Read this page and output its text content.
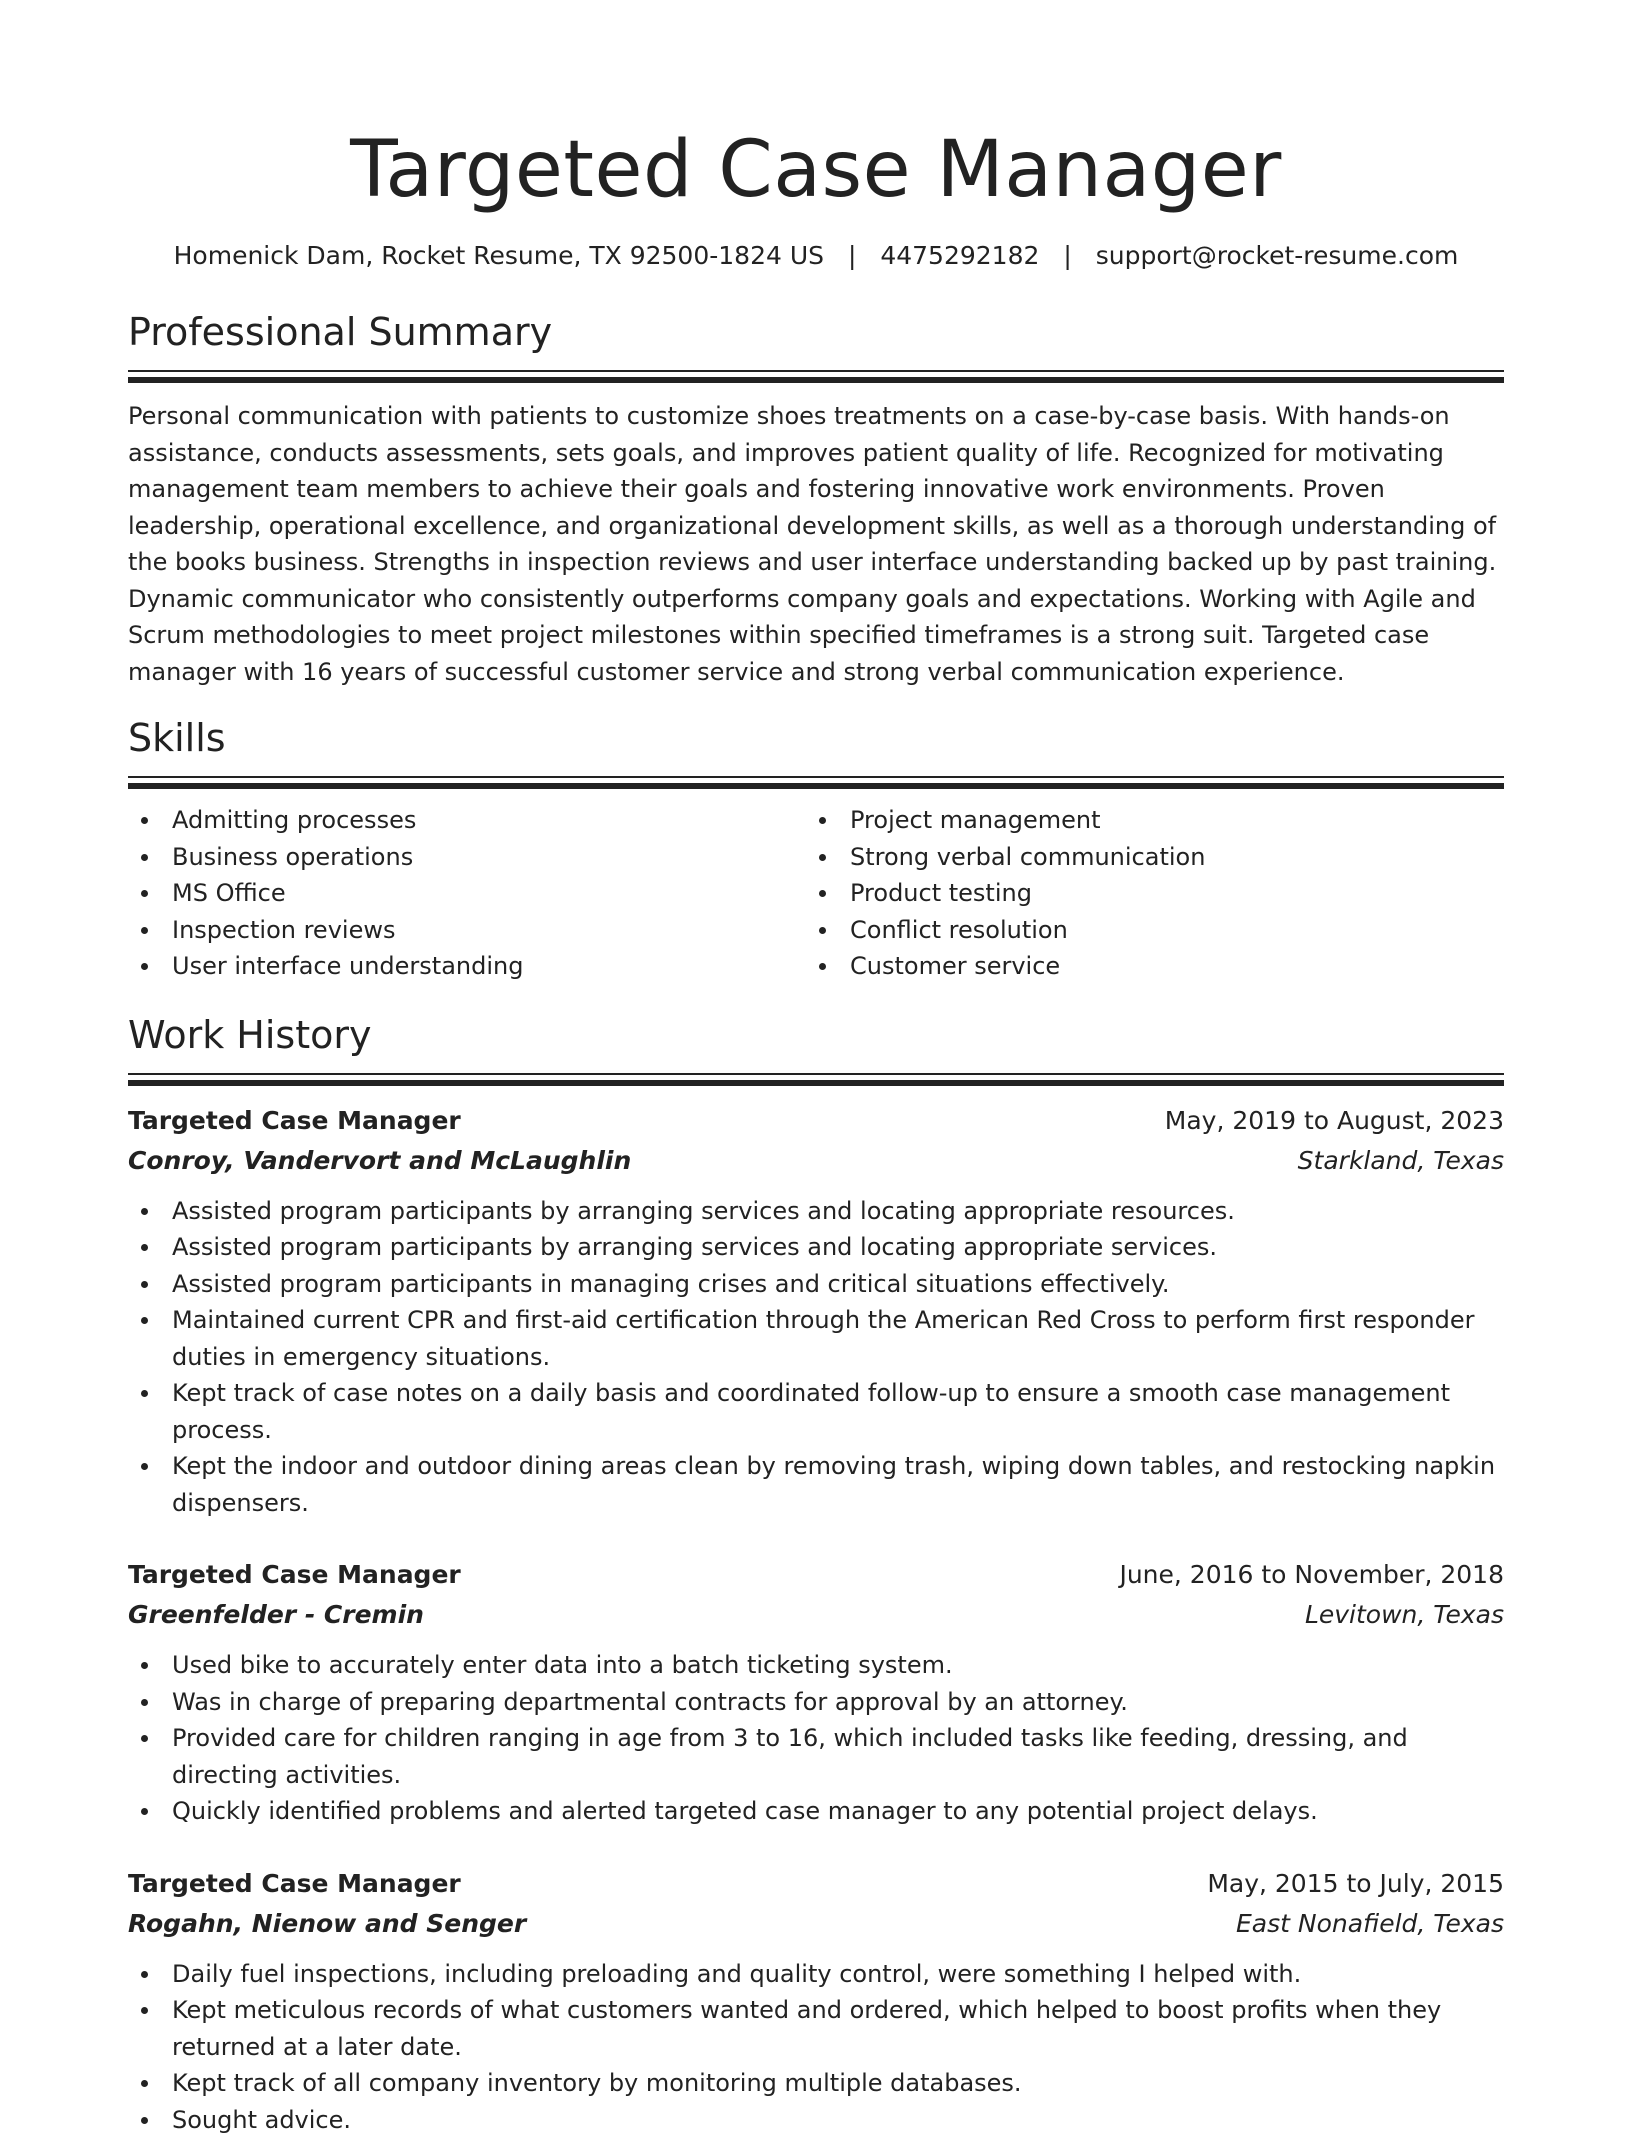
Targeted Case Manager
Homenick Dam, Rocket Resume, TX 92500-1824 US | 4475292182 | support@rocket-resume.com
Professional Summary

Personal communication with patients to customize shoes treatments on a case-by-case basis. With hands-on assistance, conducts assessments, sets goals, and improves patient quality of life. Recognized for motivating management team members to achieve their goals and fostering innovative work environments. Proven leadership, operational excellence, and organizational development skills, as well as a thorough understanding of the books business. Strengths in inspection reviews and user interface understanding backed up by past training. Dynamic communicator who consistently outperforms company goals and expectations. Working with Agile and Scrum methodologies to meet project milestones within specified timeframes is a strong suit. Targeted case manager with 16 years of successful customer service and strong verbal communication experience.

Skills
Admitting processes
Business operations
MS Office
Inspection reviews
User interface understanding
Project management
Strong verbal communication
Product testing
Conflict resolution
Customer service
Work History
Targeted Case Manager	May, 2019 to August, 2023
Conroy, Vandervort and McLaughlin	Starkland, Texas
Assisted program participants by arranging services and locating appropriate resources.
Assisted program participants by arranging services and locating appropriate services.
Assisted program participants in managing crises and critical situations effectively.
Maintained current CPR and first-aid certification through the American Red Cross to perform first responder duties in emergency situations.
Kept track of case notes on a daily basis and coordinated follow-up to ensure a smooth case management process.
Kept the indoor and outdoor dining areas clean by removing trash, wiping down tables, and restocking napkin dispensers.
Targeted Case Manager	June, 2016 to November, 2018
Greenfelder - Cremin	Levitown, Texas
Used bike to accurately enter data into a batch ticketing system.
Was in charge of preparing departmental contracts for approval by an attorney.
Provided care for children ranging in age from 3 to 16, which included tasks like feeding, dressing, and directing activities.
Quickly identified problems and alerted targeted case manager to any potential project delays.
Targeted Case Manager	May, 2015 to July, 2015
Rogahn, Nienow and Senger	East Nonafield, Texas
Daily fuel inspections, including preloading and quality control, were something I helped with.
Kept meticulous records of what customers wanted and ordered, which helped to boost profits when they returned at a later date.
Kept track of all company inventory by monitoring multiple databases.
Sought advice.
